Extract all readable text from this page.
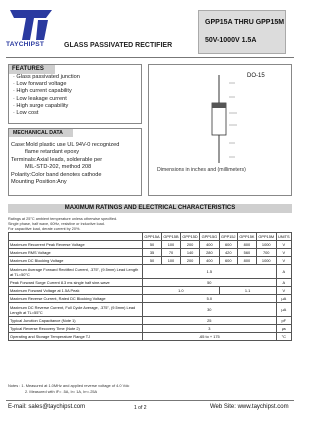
TAYCHIPST	GLASS PASSIVATED RECTIFIER
GPP15A THRU GPP15M
50V-1000V 1.5A
FEATURES
· Glass passivated junction
· Low forward voltage
· High current capability
· Low leakage current
· High surge capability
· Low cost
DO-15
Dimensions in inches and (millimeters)
MECHANICAL DATA
Case:Mold plastic use UL 94V-0 recognized
flame retardant epoxy
Terminals:Axial leads, solderable per
MIL-STD-202, method 208
Polarity:Color band denotes cathode
Mounting Position:Any
MAXIMUM RATINGS AND ELECTRICAL CHARACTERISTICS
Ratings at 25°C ambient temperature unless otherwise specified.
Single phase, half wave, 60Hz, resistive or inductive load.
For capacitive load, derate current by 20%.
	GPP15A	GPP15B	GPP15D	GPP15G	GPP15J	GPP15K	GPP15M	UNITS
Maximum Recurrent Peak Reverse Voltage	50	100	200	400	600	800	1000	V
Maximum RMS Voltage	35	70	140	280	420	560	700	V
Maximum DC Blocking Voltage	50	100	200	400	600	800	1000	V
Maximum Average Forward Rectified Current, .375", (9.5mm) Lead Length at TL=50°C	1.5							A
Peak Forward Surge Current 8.3 ms single half sine-wave	50							A
Maximum Forward Voltage at 1.5A Peak	1.0				1.1			V
Maximum Reverse Current, Rated DC Blocking Voltage	5.0							μA
Maximum DC Reverse Current, Full Cycle Average, .375", (9.5mm) Lead Length at TL=55°C	30							μA
Typical Junction Capacitance (Note 1)	25							pF
Typical Reverse Recovery Time (Note 2)	3							μs
Operating and Storage Temperature Range TJ	-65 to + 175							°C
Notes : 1. Measured at 1.0MHz and applied reverse voltage of 4.0 Vdc
2. Measured with IF= .5A, Ir= 1A, Irr=.25A
E-mail: sales@taychipst.com	1 of 2	Web Site: www.taychipst.com
